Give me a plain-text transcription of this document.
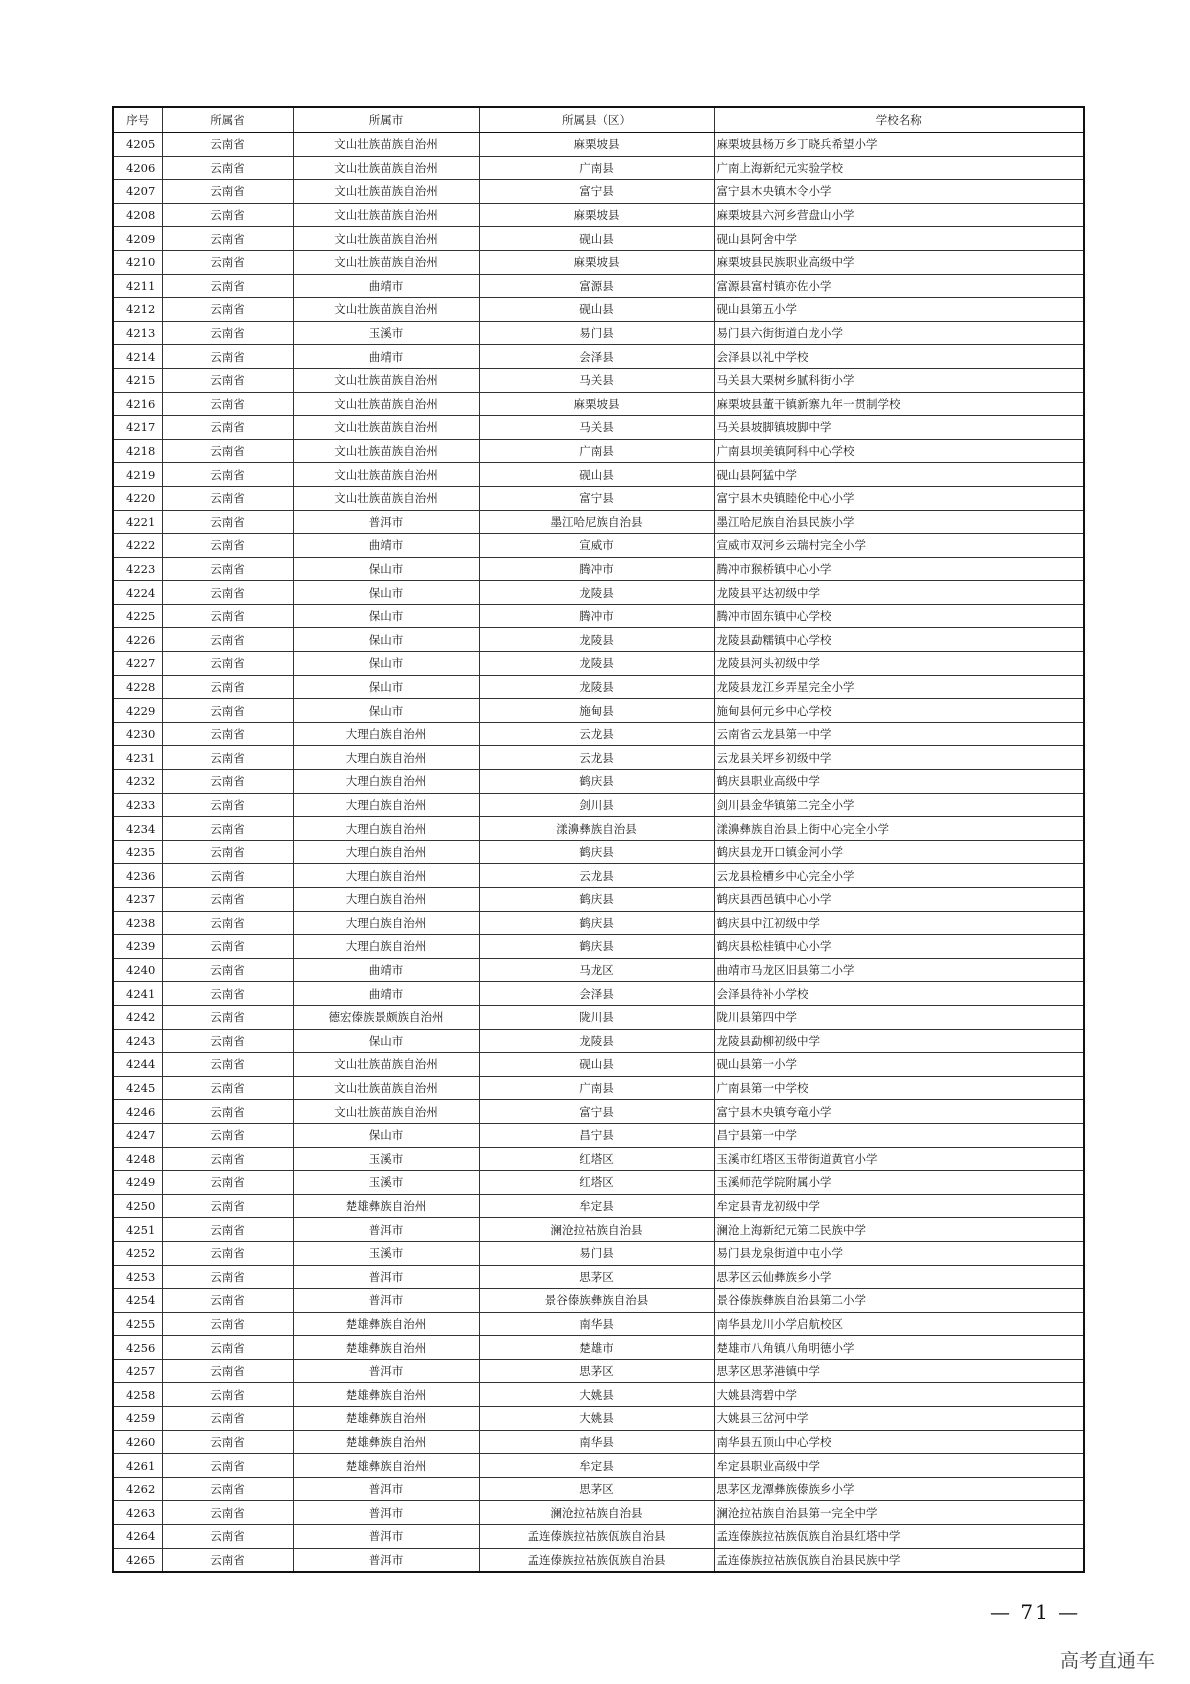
序号	所属省	所属市	所属县（区）	学校名称
4205	云南省	文山壮族苗族自治州	麻栗坡县	麻栗坡县杨万乡丁晓兵希望小学
4206	云南省	文山壮族苗族自治州	广南县	广南上海新纪元实验学校
4207	云南省	文山壮族苗族自治州	富宁县	富宁县木央镇木令小学
4208	云南省	文山壮族苗族自治州	麻栗坡县	麻栗坡县六河乡营盘山小学
4209	云南省	文山壮族苗族自治州	砚山县	砚山县阿舍中学
4210	云南省	文山壮族苗族自治州	麻栗坡县	麻栗坡县民族职业高级中学
4211	云南省	曲靖市	富源县	富源县富村镇亦佐小学
4212	云南省	文山壮族苗族自治州	砚山县	砚山县第五小学
4213	云南省	玉溪市	易门县	易门县六街街道白龙小学
4214	云南省	曲靖市	会泽县	会泽县以礼中学校
4215	云南省	文山壮族苗族自治州	马关县	马关县大栗树乡腻科街小学
4216	云南省	文山壮族苗族自治州	麻栗坡县	麻栗坡县董干镇新寨九年一贯制学校
4217	云南省	文山壮族苗族自治州	马关县	马关县坡脚镇坡脚中学
4218	云南省	文山壮族苗族自治州	广南县	广南县坝美镇阿科中心学校
4219	云南省	文山壮族苗族自治州	砚山县	砚山县阿猛中学
4220	云南省	文山壮族苗族自治州	富宁县	富宁县木央镇睦伦中心小学
4221	云南省	普洱市	墨江哈尼族自治县	墨江哈尼族自治县民族小学
4222	云南省	曲靖市	宣威市	宣威市双河乡云瑞村完全小学
4223	云南省	保山市	腾冲市	腾冲市猴桥镇中心小学
4224	云南省	保山市	龙陵县	龙陵县平达初级中学
4225	云南省	保山市	腾冲市	腾冲市固东镇中心学校
4226	云南省	保山市	龙陵县	龙陵县勐糯镇中心学校
4227	云南省	保山市	龙陵县	龙陵县河头初级中学
4228	云南省	保山市	龙陵县	龙陵县龙江乡弄星完全小学
4229	云南省	保山市	施甸县	施甸县何元乡中心学校
4230	云南省	大理白族自治州	云龙县	云南省云龙县第一中学
4231	云南省	大理白族自治州	云龙县	云龙县关坪乡初级中学
4232	云南省	大理白族自治州	鹤庆县	鹤庆县职业高级中学
4233	云南省	大理白族自治州	剑川县	剑川县金华镇第二完全小学
4234	云南省	大理白族自治州	漾濞彝族自治县	漾濞彝族自治县上街中心完全小学
4235	云南省	大理白族自治州	鹤庆县	鹤庆县龙开口镇金河小学
4236	云南省	大理白族自治州	云龙县	云龙县检槽乡中心完全小学
4237	云南省	大理白族自治州	鹤庆县	鹤庆县西邑镇中心小学
4238	云南省	大理白族自治州	鹤庆县	鹤庆县中江初级中学
4239	云南省	大理白族自治州	鹤庆县	鹤庆县松桂镇中心小学
4240	云南省	曲靖市	马龙区	曲靖市马龙区旧县第二小学
4241	云南省	曲靖市	会泽县	会泽县待补小学校
4242	云南省	德宏傣族景颇族自治州	陇川县	陇川县第四中学
4243	云南省	保山市	龙陵县	龙陵县勐柳初级中学
4244	云南省	文山壮族苗族自治州	砚山县	砚山县第一小学
4245	云南省	文山壮族苗族自治州	广南县	广南县第一中学校
4246	云南省	文山壮族苗族自治州	富宁县	富宁县木央镇夸竜小学
4247	云南省	保山市	昌宁县	昌宁县第一中学
4248	云南省	玉溪市	红塔区	玉溪市红塔区玉带街道黄官小学
4249	云南省	玉溪市	红塔区	玉溪师范学院附属小学
4250	云南省	楚雄彝族自治州	牟定县	牟定县青龙初级中学
4251	云南省	普洱市	澜沧拉祜族自治县	澜沧上海新纪元第二民族中学
4252	云南省	玉溪市	易门县	易门县龙泉街道中屯小学
4253	云南省	普洱市	思茅区	思茅区云仙彝族乡小学
4254	云南省	普洱市	景谷傣族彝族自治县	景谷傣族彝族自治县第二小学
4255	云南省	楚雄彝族自治州	南华县	南华县龙川小学启航校区
4256	云南省	楚雄彝族自治州	楚雄市	楚雄市八角镇八角明德小学
4257	云南省	普洱市	思茅区	思茅区思茅港镇中学
4258	云南省	楚雄彝族自治州	大姚县	大姚县湾碧中学
4259	云南省	楚雄彝族自治州	大姚县	大姚县三岔河中学
4260	云南省	楚雄彝族自治州	南华县	南华县五顶山中心学校
4261	云南省	楚雄彝族自治州	牟定县	牟定县职业高级中学
4262	云南省	普洱市	思茅区	思茅区龙潭彝族傣族乡小学
4263	云南省	普洱市	澜沧拉祜族自治县	澜沧拉祜族自治县第一完全中学
4264	云南省	普洱市	孟连傣族拉祜族佤族自治县	孟连傣族拉祜族佤族自治县红塔中学
4265	云南省	普洱市	孟连傣族拉祜族佤族自治县	孟连傣族拉祜族佤族自治县民族中学
— 71 —
高考直通车
